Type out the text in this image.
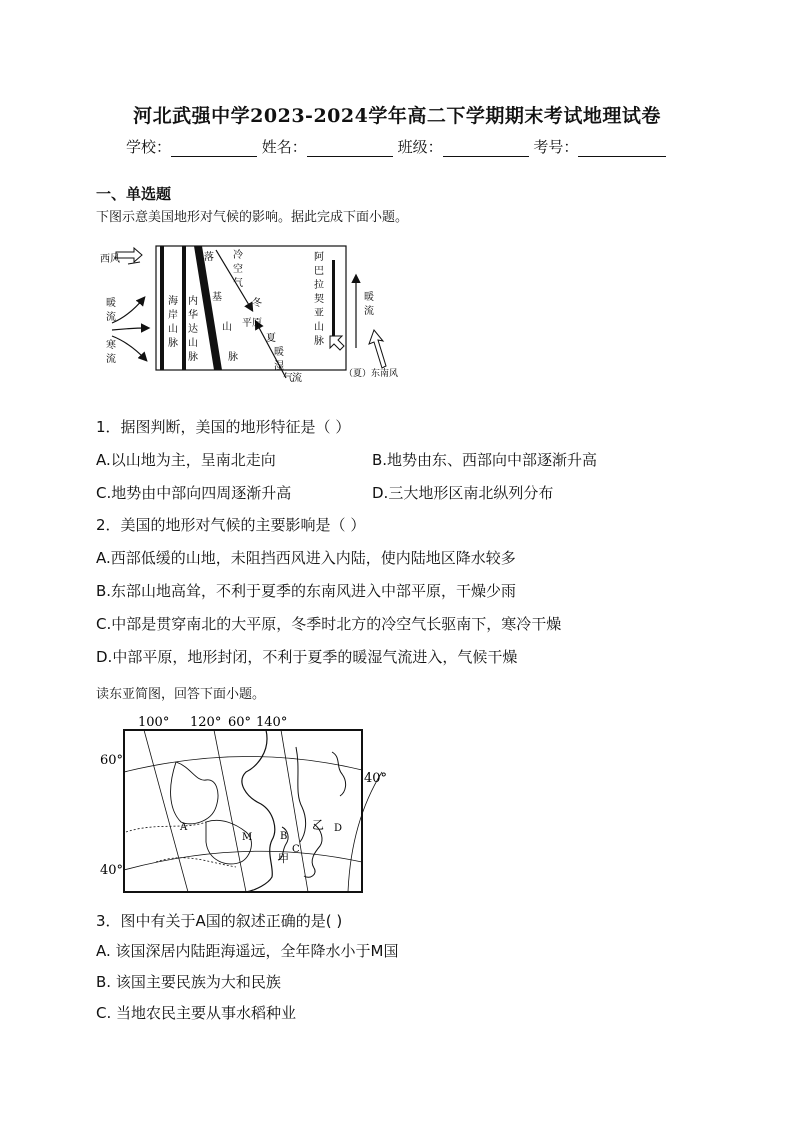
河北武强中学2023-2024学年高二下学期期末考试地理试卷
学校：	姓名：	班级：	考号：
一、单选题
下图示意美国地形对气候的影响。据此完成下面小题。
西风
暖 流
寒 流
海 岸 山 脉
内 华 达 山 脉
落 基 山 脉
冷 空 气
冬
平原
夏
暖 湿 气 流
阿 巴 拉 契 亚 山 脉
暖 流
（夏）东南风
1．据图判断，美国的地形特征是（ ）
A.以山地为主，呈南北走向	B.地势由东、西部向中部逐渐升高
C.地势由中部向四周逐渐升高	D.三大地形区南北纵列分布
2．美国的地形对气候的主要影响是（ ）
A.西部低缓的山地，未阻挡西风进入内陆，使内陆地区降水较多
B.东部山地高耸，不利于夏季的东南风进入中部平原，干燥少雨
C.中部是贯穿南北的大平原，冬季时北方的冷空气长驱南下，寒冷干燥
D.中部平原，地形封闭，不利于夏季的暖湿气流进入，气候干燥
读东亚简图，回答下面小题。
100° 120° 60° 140°
60°
40°
40°
A
M	B
C
D
乙
甲
3．图中有关于A国的叙述正确的是( )
A. 该国深居内陆距海遥远，全年降水小于M国
B. 该国主要民族为大和民族
C. 当地农民主要从事水稻种业
